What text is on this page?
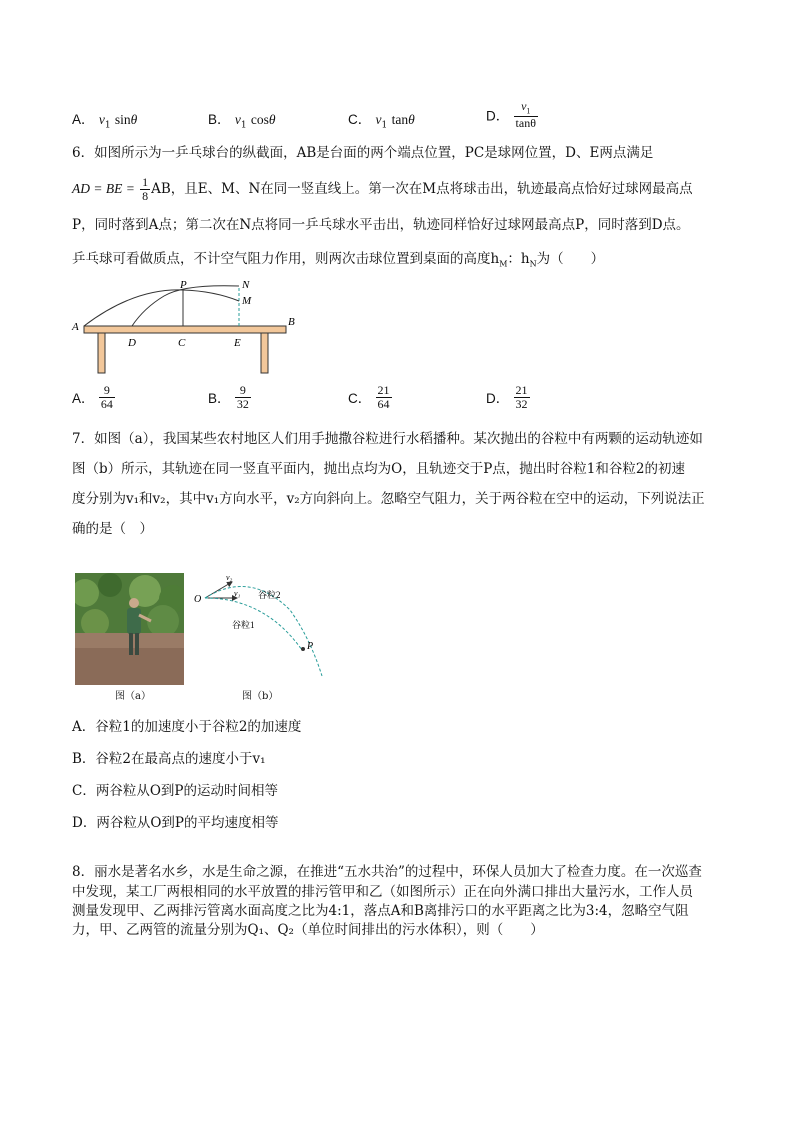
A． $v_1$ sinθ	B． $v_1$ cosθ	C． $v_1$ tanθ	D． $\frac{v_1}{\tan\theta}$
6．如图所示为一乒乓球台的纵截面，AB是台面的两个端点位置，PC是球网位置，D、E两点满足
AD = BE = $\frac{1}{8}$ AB，且E、M、N在同一竖直线上。第一次在M点将球击出，轨迹最高点恰好过球网最高点
P，同时落到A点；第二次在N点将同一乒乓球水平击出，轨迹同样恰好过球网最高点P，同时落到D点。
乒乓球可看做质点，不计空气阻力作用，则两次击球位置到桌面的高度$h_M$：$h_N$为（　　）
A	B
D	C	E
P	N
M
A． $\frac{9}{64}$	B． $\frac{9}{32}$	C． $\frac{21}{64}$	D． $\frac{21}{32}$
7．如图（a），我国某些农村地区人们用手抛撒谷粒进行水稻播种。某次抛出的谷粒中有两颗的运动轨迹如
图（b）所示，其轨迹在同一竖直平面内，抛出点均为O，且轨迹交于P点，抛出时谷粒1和谷粒2的初速
度分别为v₁和v₂，其中v₁方向水平，v₂方向斜向上。忽略空气阻力，关于两谷粒在空中的运动，下列说法正
确的是（　）
图（a）
O
P
v₂
v₁ 谷粒2
谷粒1
图（b）
A．谷粒1的加速度小于谷粒2的加速度
B．谷粒2在最高点的速度小于v₁
C．两谷粒从O到P的运动时间相等
D．两谷粒从O到P的平均速度相等
8．丽水是著名水乡，水是生命之源，在推进“五水共治”的过程中，环保人员加大了检查力度。在一次巡查
中发现，某工厂两根相同的水平放置的排污管甲和乙（如图所示）正在向外满口排出大量污水，工作人员
测量发现甲、乙两排污管离水面高度之比为4:1，落点A和B离排污口的水平距离之比为3:4，忽略空气阻
力，甲、乙两管的流量分别为Q₁、Q₂（单位时间排出的污水体积），则（　　）
